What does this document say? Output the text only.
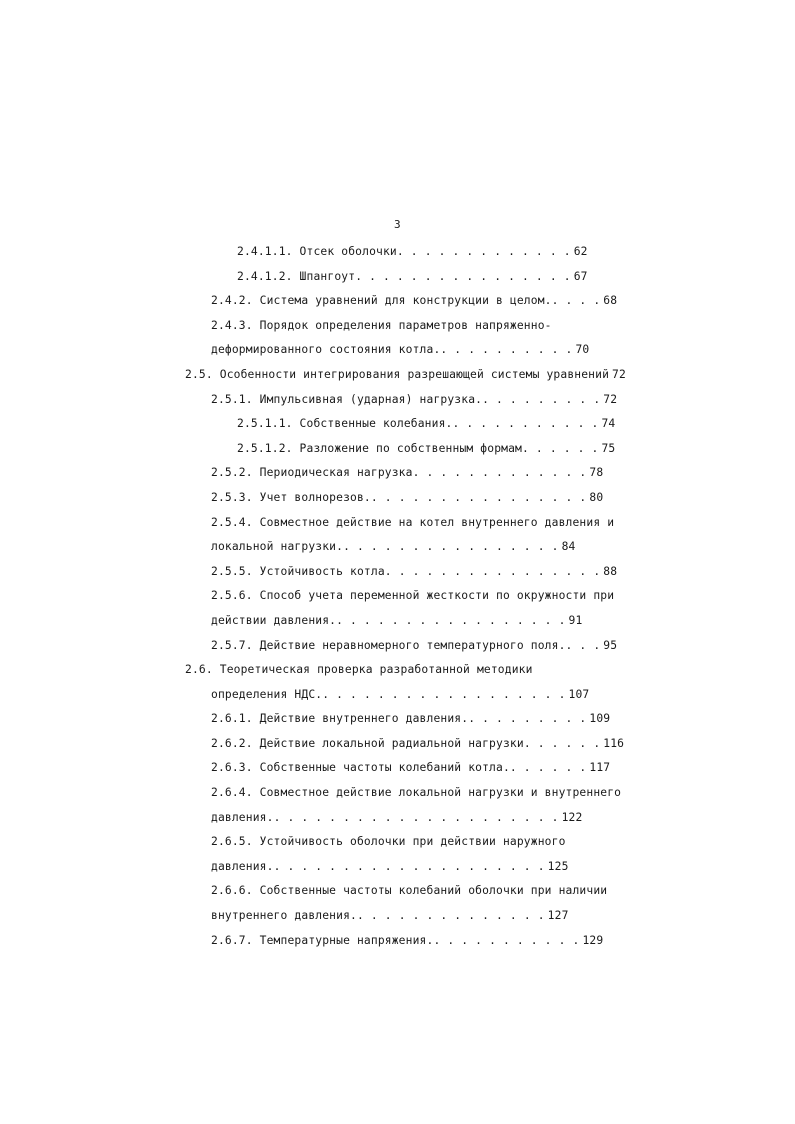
3
2.4.1.1. Отсек оболочки. . . . . . . . . . . . . 62
2.4.1.2. Шпангоут. . . . . . . . . . . . . . . . 67
2.4.2. Система уравнений для конструкции в целом.. . . . 68
2.4.3. Порядок определения параметров напряженно-
деформированного состояния котла.. . . . . . . . . . 70
2.5. Особенности интегрирования разрешающей системы уравнений 72
2.5.1. Импульсивная (ударная) нагрузка.. . . . . . . . . 72
2.5.1.1. Собственные колебания.. . . . . . . . . . . 74
2.5.1.2. Разложение по собственным формам. . . . . . 75
2.5.2. Периодическая нагрузка. . . . . . . . . . . . . 78
2.5.3. Учет волнорезов.. . . . . . . . . . . . . . . . 80
2.5.4. Совместное действие на котел внутреннего давления и
локальной нагрузки.. . . . . . . . . . . . . . . . 84
2.5.5. Устойчивость котла. . . . . . . . . . . . . . . . 88
2.5.6. Способ учета переменной жесткости по окружности при
действии давления.. . . . . . . . . . . . . . . . . 91
2.5.7. Действие неравномерного температурного поля.. . . 95
2.6. Теоретическая проверка разработанной методики
определения НДС.. . . . . . . . . . . . . . . . . . 107
2.6.1. Действие внутреннего давления.. . . . . . . . . 109
2.6.2. Действие локальной радиальной нагрузки. . . . . . 116
2.6.3. Собственные частоты колебаний котла.. . . . . . 117
2.6.4. Совместное действие локальной нагрузки и внутреннего
давления.. . . . . . . . . . . . . . . . . . . . . 122
2.6.5. Устойчивость оболочки при действии наружного
давления.. . . . . . . . . . . . . . . . . . . . 125
2.6.6. Собственные частоты колебаний оболочки при наличии
внутреннего давления.. . . . . . . . . . . . . . 127
2.6.7. Температурные напряжения.. . . . . . . . . . . 129
